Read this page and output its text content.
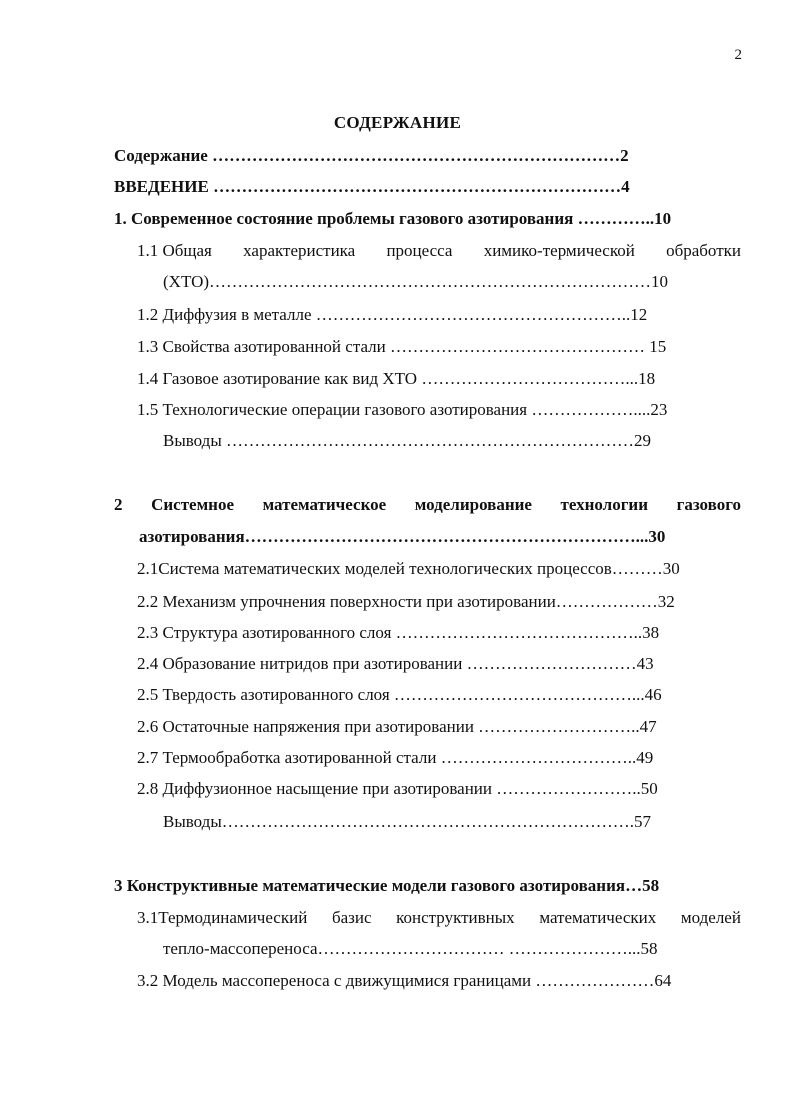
2
СОДЕРЖАНИЕ
Содержание ………………………………………………………………2
ВВЕДЕНИЕ ………………………………………………………………4
1. Современное состояние проблемы газового азотирования …………..10
1.1 Общая характеристика процесса химико-термической обработки
(ХТО)……………………………………………………………………10
1.2 Диффузия в металле ………………………………………………..12
1.3 Свойства азотированной стали ……………………………………… 15
1.4 Газовое азотирование как вид ХТО ………………………………...18
1.5 Технологические операции газового азотирования ………………....23
Выводы ………………………………………………………………29
2 Системное математическое моделирование технологии газового
азотирования……………………………………………………………...30
2.1Система математических моделей технологических процессов………30
2.2 Механизм упрочнения поверхности при азотировании………………32
2.3 Структура азотированного слоя ……………………………………..38
2.4 Образование нитридов при азотировании …………………………43
2.5 Твердость азотированного слоя ……………………………………...46
2.6 Остаточные напряжения при азотировании ………………………..47
2.7 Термообработка азотированной стали ……………………………..49
2.8 Диффузионное насыщение при азотировании ……………………..50
Выводы……………………………………………………………….57
3 Конструктивные математические модели газового азотирования…58
3.1Термодинамический базис конструктивных математических моделей
тепло-массопереноса…………………………… …………………...58
3.2 Модель массопереноса с движущимися границами …………………64
